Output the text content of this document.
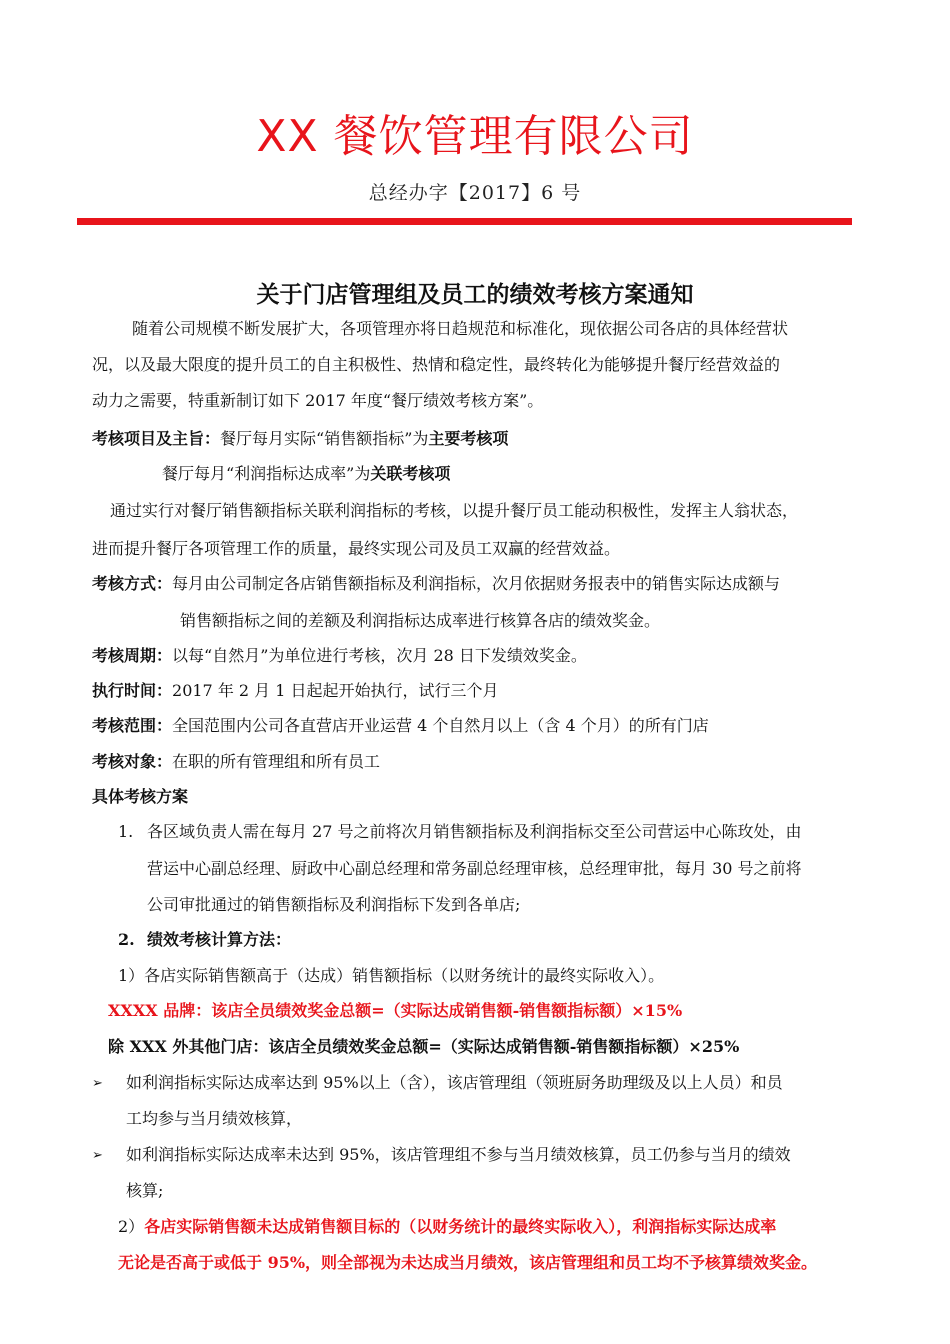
XX 餐饮管理有限公司
总经办字【2017】6 号
关于门店管理组及员工的绩效考核方案通知
随着公司规模不断发展扩大，各项管理亦将日趋规范和标准化，现依据公司各店的具体经营状
况，以及最大限度的提升员工的自主积极性、热情和稳定性，最终转化为能够提升餐厅经营效益的
动力之需要，特重新制订如下 2017 年度“餐厅绩效考核方案”。
考核项目及主旨：餐厅每月实际“销售额指标”为主要考核项
餐厅每月“利润指标达成率”为关联考核项
通过实行对餐厅销售额指标关联利润指标的考核，以提升餐厅员工能动积极性，发挥主人翁状态，
进而提升餐厅各项管理工作的质量，最终实现公司及员工双赢的经营效益。
考核方式：每月由公司制定各店销售额指标及利润指标，次月依据财务报表中的销售实际达成额与
销售额指标之间的差额及利润指标达成率进行核算各店的绩效奖金。
考核周期：以每“自然月”为单位进行考核，次月 28 日下发绩效奖金。
执行时间：2017 年 2 月 1 日起起开始执行，试行三个月
考核范围：全国范围内公司各直营店开业运营 4 个自然月以上（含 4 个月）的所有门店
考核对象：在职的所有管理组和所有员工
具体考核方案
1. 各区域负责人需在每月 27 号之前将次月销售额指标及利润指标交至公司营运中心陈玫处，由
营运中心副总经理、厨政中心副总经理和常务副总经理审核，总经理审批，每月 30 号之前将
公司审批通过的销售额指标及利润指标下发到各单店;
2. 绩效考核计算方法：
1）各店实际销售额高于（达成）销售额指标（以财务统计的最终实际收入）。
XXXX 品牌：该店全员绩效奖金总额=（实际达成销售额-销售额指标额）×15%
除 XXX 外其他门店：该店全员绩效奖金总额=（实际达成销售额-销售额指标额）×25%
➢ 如利润指标实际达成率达到 95%以上（含），该店管理组（领班厨务助理级及以上人员）和员
工均参与当月绩效核算，
➢ 如利润指标实际达成率未达到 95%，该店管理组不参与当月绩效核算，员工仍参与当月的绩效
核算;
2）各店实际销售额未达成销售额目标的（以财务统计的最终实际收入），利润指标实际达成率
无论是否高于或低于 95%，则全部视为未达成当月绩效，该店管理组和员工均不予核算绩效奖金。
